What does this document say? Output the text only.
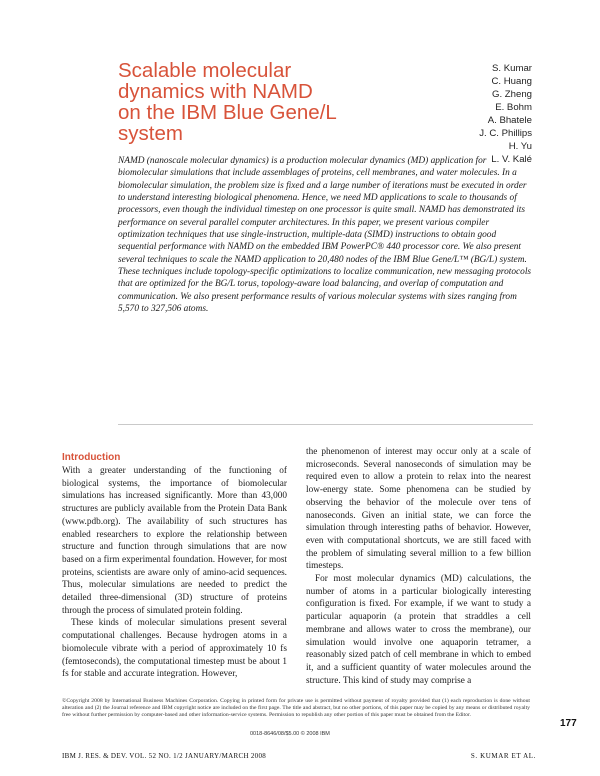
Scalable molecular
dynamics with NAMD
on the IBM Blue Gene/L
system
S. Kumar
C. Huang
G. Zheng
E. Bohm
A. Bhatele
J. C. Phillips
H. Yu
L. V. Kalé

NAMD (nanoscale molecular dynamics) is a production molecular dynamics (MD) application for biomolecular simulations that include assemblages of proteins, cell membranes, and water molecules. In a biomolecular simulation, the problem size is fixed and a large number of iterations must be executed in order to understand interesting biological phenomena. Hence, we need MD applications to scale to thousands of processors, even though the individual timestep on one processor is quite small. NAMD has demonstrated its performance on several parallel computer architectures. In this paper, we present various compiler optimization techniques that use single-instruction, multiple-data (SIMD) instructions to obtain good sequential performance with NAMD on the embedded IBM PowerPC® 440 processor core. We also present several techniques to scale the NAMD application to 20,480 nodes of the IBM Blue Gene/L™ (BG/L) system. These techniques include topology-specific optimizations to localize communication, new messaging protocols that are optimized for the BG/L torus, topology-aware load balancing, and overlap of computation and communication. We also present performance results of various molecular systems with sizes ranging from 5,570 to 327,506 atoms.

Introduction

With a greater understanding of the functioning of biological systems, the importance of biomolecular simulations has increased significantly. More than 43,000 structures are publicly available from the Protein Data Bank (www.pdb.org). The availability of such structures has enabled researchers to explore the relationship between structure and function through simulations that are now based on a firm experimental foundation. However, for most proteins, scientists are aware only of amino-acid sequences. Thus, molecular simulations are needed to predict the detailed three-dimensional (3D) structure of proteins through the process of simulated protein folding.

These kinds of molecular simulations present several computational challenges. Because hydrogen atoms in a biomolecule vibrate with a period of approximately 10 fs (femtoseconds), the computational timestep must be about 1 fs for stable and accurate integration. However,

the phenomenon of interest may occur only at a scale of microseconds. Several nanoseconds of simulation may be required even to allow a protein to relax into the nearest low-energy state. Some phenomena can be studied by observing the behavior of the molecule over tens of nanoseconds. Given an initial state, we can force the simulation through interesting paths of behavior. However, even with computational shortcuts, we are still faced with the problem of simulating several million to a few billion timesteps.

For most molecular dynamics (MD) calculations, the number of atoms in a particular biologically interesting configuration is fixed. For example, if we want to study a particular aquaporin (a protein that straddles a cell membrane and allows water to cross the membrane), our simulation would involve one aquaporin tetramer, a reasonably sized patch of cell membrane in which to embed it, and a sufficient quantity of water molecules around the structure. This kind of study may comprise a

©Copyright 2008 by International Business Machines Corporation. Copying in printed form for private use is permitted without payment of royalty provided that (1) each reproduction is done without alteration and (2) the Journal reference and IBM copyright notice are included on the first page. The title and abstract, but no other portions, of this paper may be copied by any means or distributed royalty free without further permission by computer-based and other information-service systems. Permission to republish any other portion of this paper must be obtained from the Editor.

0018-8646/08/$5.00 © 2008 IBM
177
IBM J. RES. & DEV. VOL. 52 NO. 1/2 JANUARY/MARCH 2008	S. KUMAR ET AL.
